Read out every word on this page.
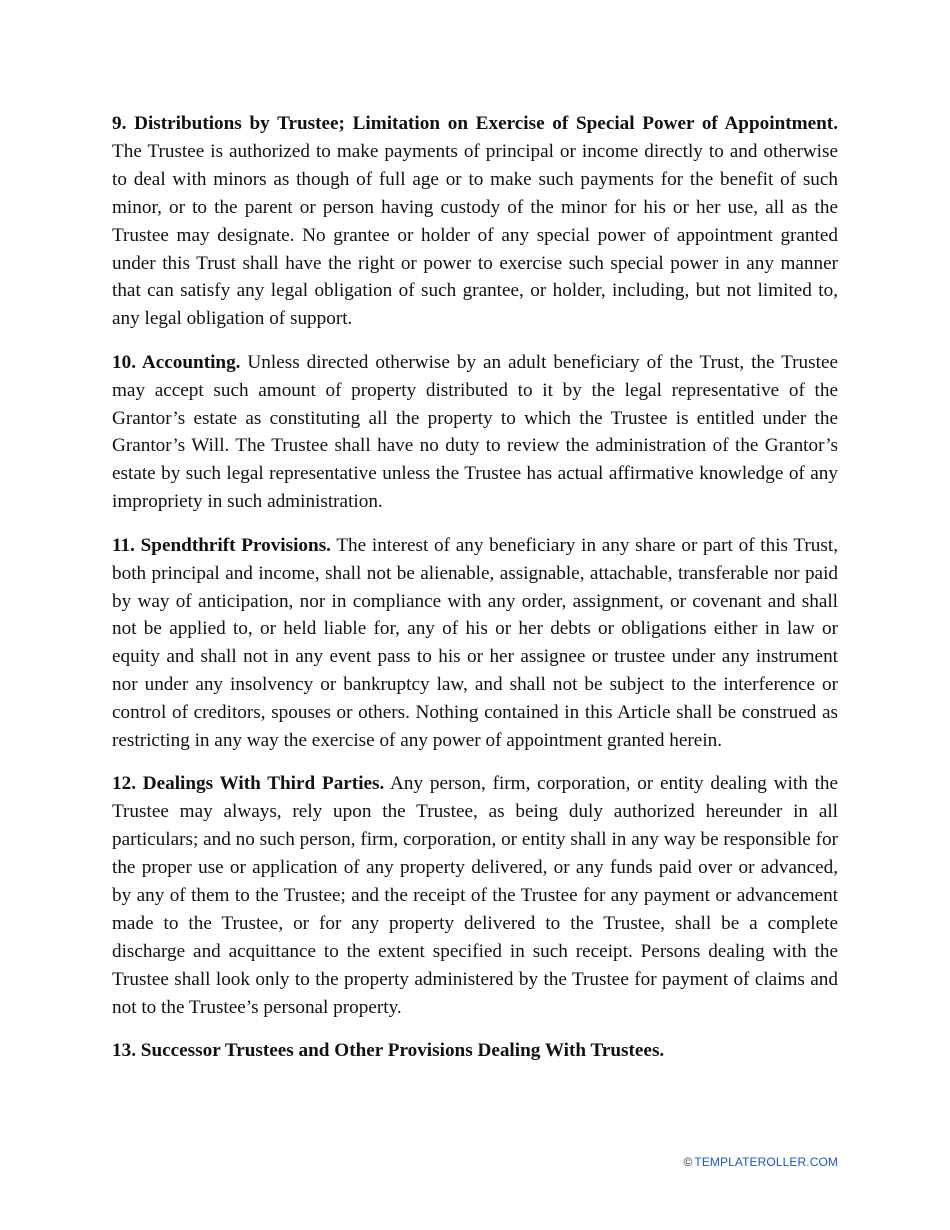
9. Distributions by Trustee; Limitation on Exercise of Special Power of Appointment. The Trustee is authorized to make payments of principal or income directly to and otherwise to deal with minors as though of full age or to make such payments for the benefit of such minor, or to the parent or person having custody of the minor for his or her use, all as the Trustee may designate. No grantee or holder of any special power of appointment granted under this Trust shall have the right or power to exercise such special power in any manner that can satisfy any legal obligation of such grantee, or holder, including, but not limited to, any legal obligation of support.

10. Accounting. Unless directed otherwise by an adult beneficiary of the Trust, the Trustee may accept such amount of property distributed to it by the legal representative of the Grantor’s estate as constituting all the property to which the Trustee is entitled under the Grantor’s Will. The Trustee shall have no duty to review the administration of the Grantor’s estate by such legal representative unless the Trustee has actual affirmative knowledge of any impropriety in such administration.

11. Spendthrift Provisions. The interest of any beneficiary in any share or part of this Trust, both principal and income, shall not be alienable, assignable, attachable, transferable nor paid by way of anticipation, nor in compliance with any order, assignment, or covenant and shall not be applied to, or held liable for, any of his or her debts or obligations either in law or equity and shall not in any event pass to his or her assignee or trustee under any instrument nor under any insolvency or bankruptcy law, and shall not be subject to the interference or control of creditors, spouses or others. Nothing contained in this Article shall be construed as restricting in any way the exercise of any power of appointment granted herein.

12. Dealings With Third Parties. Any person, firm, corporation, or entity dealing with the Trustee may always, rely upon the Trustee, as being duly authorized hereunder in all particulars; and no such person, firm, corporation, or entity shall in any way be responsible for the proper use or application of any property delivered, or any funds paid over or advanced, by any of them to the Trustee; and the receipt of the Trustee for any payment or advancement made to the Trustee, or for any property delivered to the Trustee, shall be a complete discharge and acquittance to the extent specified in such receipt. Persons dealing with the Trustee shall look only to the property administered by the Trustee for payment of claims and not to the Trustee’s personal property.

13. Successor Trustees and Other Provisions Dealing With Trustees.

© TEMPLATEROLLER.COM
